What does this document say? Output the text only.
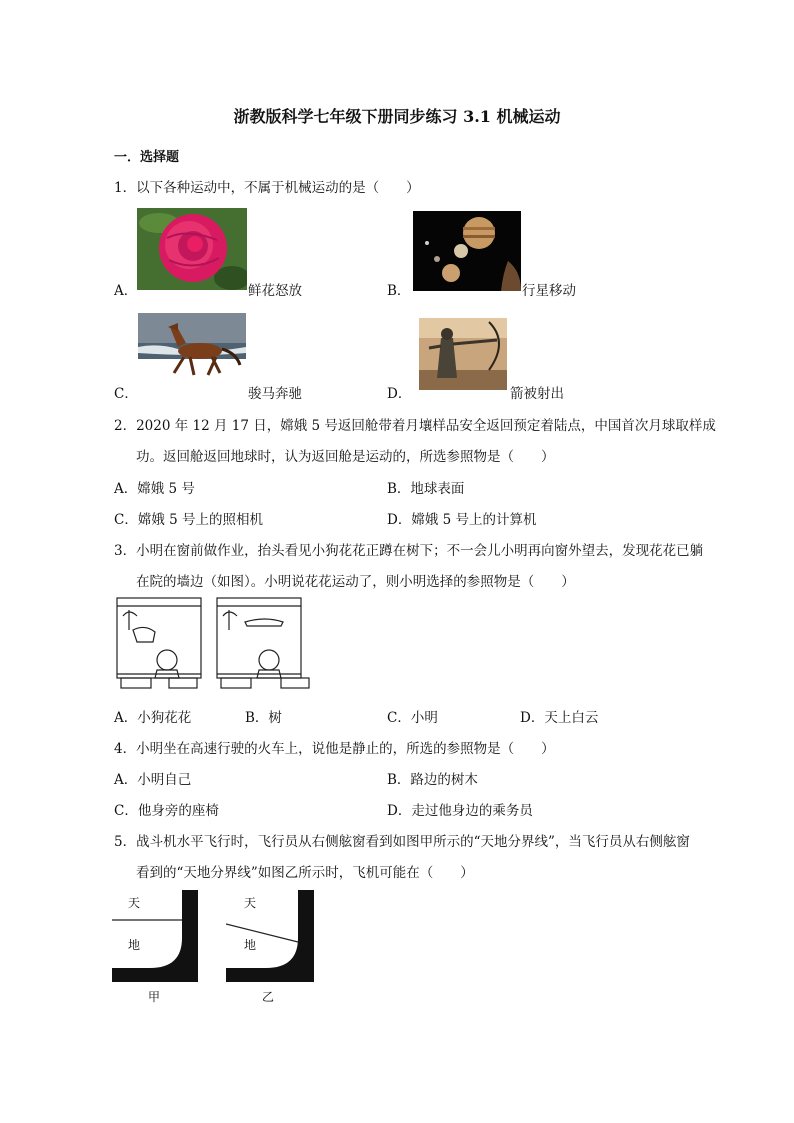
浙教版科学七年级下册同步练习 3.1 机械运动
一．选择题
1．以下各种运动中，不属于机械运动的是（　　）
A．	鲜花怒放	B．	行星移动
C．	骏马奔驰	D．	箭被射出
2．2020 年 12 月 17 日，嫦娥 5 号返回舱带着月壤样品安全返回预定着陆点，中国首次月球取样成
功。返回舱返回地球时，认为返回舱是运动的，所选参照物是（　　）
A．嫦娥 5 号	B．地球表面
C．嫦娥 5 号上的照相机	D．嫦娥 5 号上的计算机
3．小明在窗前做作业，抬头看见小狗花花正蹲在树下；不一会儿小明再向窗外望去，发现花花已躺
在院的墙边（如图）。小明说花花运动了，则小明选择的参照物是（　　）
A．小狗花花	B．树	C．小明	D．天上白云
4．小明坐在高速行驶的火车上，说他是静止的，所选的参照物是（　　）
A．小明自己	B．路边的树木
C．他身旁的座椅	D．走过他身边的乘务员
5．战斗机水平飞行时，飞行员从右侧舷窗看到如图甲所示的“天地分界线”，当飞行员从右侧舷窗
看到的“天地分界线”如图乙所示时，飞机可能在（　　）
天
地
甲
天
地
乙
